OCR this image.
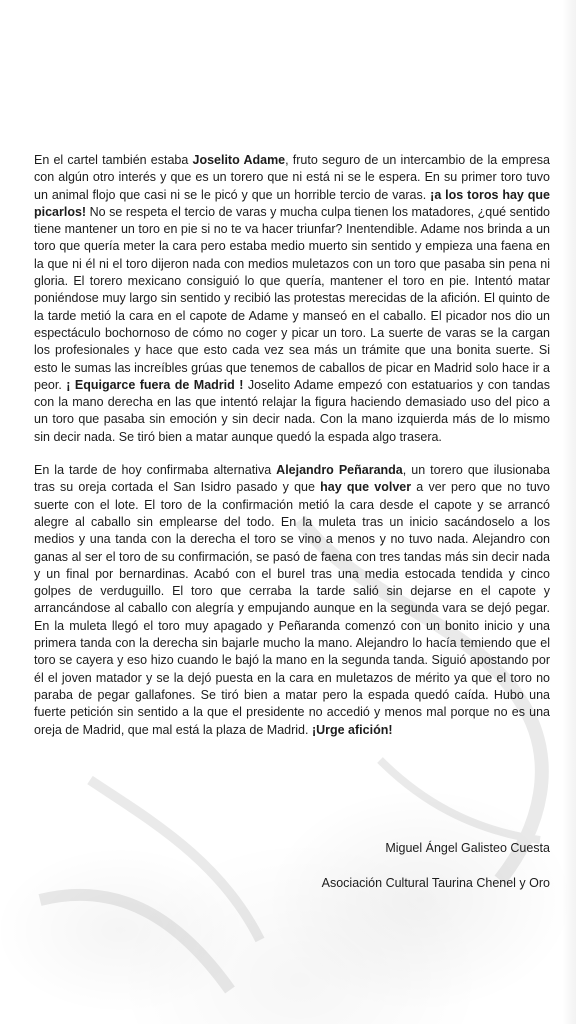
En el cartel también estaba Joselito Adame, fruto seguro de un intercambio de la empresa con algún otro interés y que es un torero que ni está ni se le espera. En su primer toro tuvo un animal flojo que casi ni se le picó y que un horrible tercio de varas. ¡a los toros hay que picarlos! No se respeta el tercio de varas y mucha culpa tienen los matadores, ¿qué sentido tiene mantener un toro en pie si no te va hacer triunfar? Inentendible. Adame nos brinda a un toro que quería meter la cara pero estaba medio muerto sin sentido y empieza una faena en la que ni él ni el toro dijeron nada con medios muletazos con un toro que pasaba sin pena ni gloria. El torero mexicano consiguió lo que quería, mantener el toro en pie. Intentó matar poniéndose muy largo sin sentido y recibió las protestas merecidas de la afición. El quinto de la tarde metió la cara en el capote de Adame y manseó en el caballo. El picador nos dio un espectáculo bochornoso de cómo no coger y picar un toro. La suerte de varas se la cargan los profesionales y hace que esto cada vez sea más un trámite que una bonita suerte. Si esto le sumas las increíbles grúas que tenemos de caballos de picar en Madrid solo hace ir a peor. ¡ Equigarce fuera de Madrid ! Joselito Adame empezó con estatuarios y con tandas con la mano derecha en las que intentó relajar la figura haciendo demasiado uso del pico a un toro que pasaba sin emoción y sin decir nada. Con la mano izquierda más de lo mismo sin decir nada. Se tiró bien a matar aunque quedó la espada algo trasera.

En la tarde de hoy confirmaba alternativa Alejandro Peñaranda, un torero que ilusionaba tras su oreja cortada el San Isidro pasado y que hay que volver a ver pero que no tuvo suerte con el lote. El toro de la confirmación metió la cara desde el capote y se arrancó alegre al caballo sin emplearse del todo. En la muleta tras un inicio sacándoselo a los medios y una tanda con la derecha el toro se vino a menos y no tuvo nada. Alejandro con ganas al ser el toro de su confirmación, se pasó de faena con tres tandas más sin decir nada y un final por bernardinas. Acabó con el burel tras una media estocada tendida y cinco golpes de verduguillo. El toro que cerraba la tarde salió sin dejarse en el capote y arrancándose al caballo con alegría y empujando aunque en la segunda vara se dejó pegar. En la muleta llegó el toro muy apagado y Peñaranda comenzó con un bonito inicio y una primera tanda con la derecha sin bajarle mucho la mano. Alejandro lo hacía temiendo que el toro se cayera y eso hizo cuando le bajó la mano en la segunda tanda. Siguió apostando por él el joven matador y se la dejó puesta en la cara en muletazos de mérito ya que el toro no paraba de pegar gallafones. Se tiró bien a matar pero la espada quedó caída. Hubo una fuerte petición sin sentido a la que el presidente no accedió y menos mal porque no es una oreja de Madrid, que mal está la plaza de Madrid. ¡Urge afición!

Miguel Ángel Galisteo Cuesta
Asociación Cultural Taurina Chenel y Oro
